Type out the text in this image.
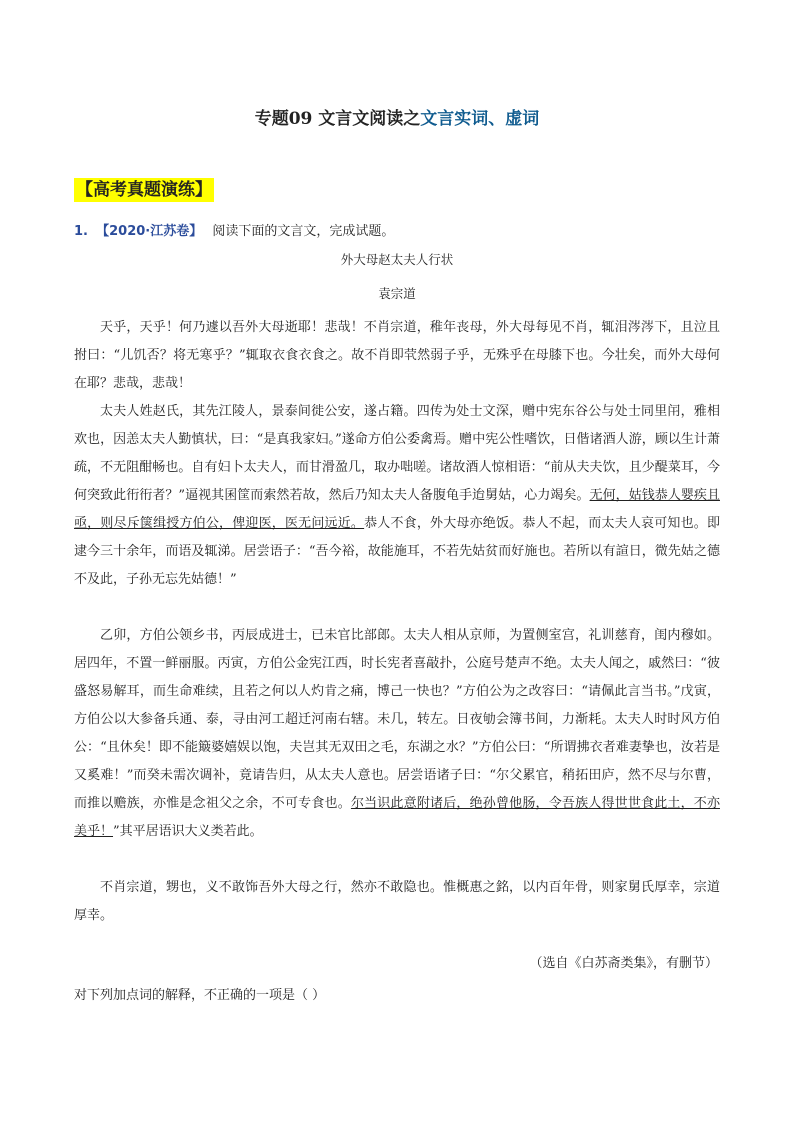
专题09 文言文阅读之文言实词、虚词
【高考真题演练】
1. 【2020·江苏卷】 阅读下面的文言文，完成试题。
外大母赵太夫人行状
袁宗道

天乎，天乎！何乃遽以吾外大母逝耶！悲哉！不肖宗道，稚年丧母，外大母每见不肖，辄泪涔涔下，且泣且拊曰：“儿饥否？将无寒乎？”辄取衣食衣食之。故不肖即茕然弱子乎，无殊乎在母膝下也。今壮矣，而外大母何在耶？悲哉，悲哉！

太夫人姓赵氏，其先江陵人，景泰间徙公安，遂占籍。四传为处士文深，赠中宪东谷公与处士同里闬，雅相欢也，因恙太夫人勤慎状，曰：“是真我家妇。”遂命方伯公委禽焉。赠中宪公性嗜饮，日偕诸酒人游，顾以生计萧疏，不无阻酣畅也。自有妇卜太夫人，而甘滑盈几，取办咄嗟。诸故酒人惊相语：“前从夫夫饮，且少醍菜耳，今何突致此衎衎者？”逼视其囷筐而索然若故，然后乃知太夫人备腹龟手迨舅姑，心力竭矣。无何，姑钱恭人婴疾且亟，则尽斥箧缉授方伯公，俾迎医，医无问远近。恭人不食，外大母亦绝饭。恭人不起，而太夫人哀可知也。即逮今三十余年，而语及辄涕。居尝语子：“吾今裕，故能施耳，不若先姑贫而好施也。若所以有諠日，微先姑之德不及此，子孙无忘先姑德！”

乙卯，方伯公领乡书，丙辰成进士，已未官比部郎。太夫人相从京师，为置侧室宫，礼训慈育，闺内穆如。居四年，不置一鲜丽服。丙寅，方伯公金宪江西，时长宪者喜敲扑，公庭号楚声不绝。太夫人闻之，戚然曰：“彼盛怒易解耳，而生命难续，且若之何以人灼肯之痛，博己一快也？”方伯公为之改容曰：“请佩此言当书。”戊寅，方伯公以大参备兵通、泰，寻由河工超迁河南右辖。未几，转左。日夜劬会簿书间，力渐耗。太夫人时时风方伯公：“且休矣！即不能簸婆嬉娱以饱，夫岂其无双田之毛，东湖之水？”方伯公曰：“所谓拂衣者难妻挚也，汝若是又奚难！”而癸未需次调补，竟请告归，从太夫人意也。居尝语诸子曰：“尔父累官，稍拓田庐，然不尽与尔曹，而推以赡族，亦惟是念祖父之余，不可专食也。尔当识此意附诸后，绝孙曾他肠，令吾族人得世世食此土，不亦美乎！”其平居语识大义类若此。

不肖宗道，甥也，义不敢饰吾外大母之行，然亦不敢隐也。惟概惠之銘，以内百年骨，则家舅氏厚幸，宗道厚幸。

（选自《白苏斋类集》，有删节）
对下列加点词的解释，不正确的一项是（ ）
